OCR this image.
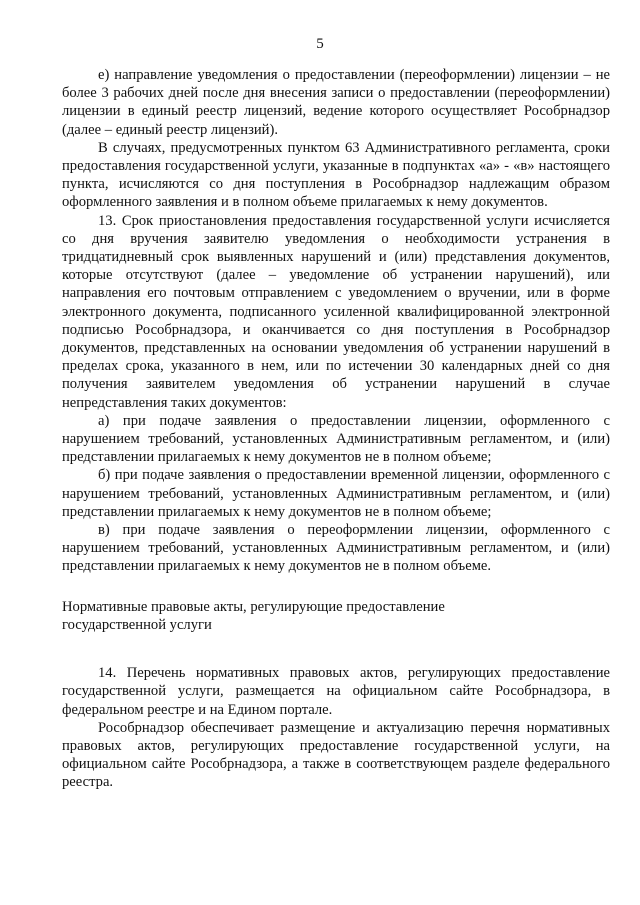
5

е) направление уведомления о предоставлении (переоформлении) лицензии – не более 3 рабочих дней после дня внесения записи о предоставлении (переоформлении) лицензии в единый реестр лицензий, ведение которого осуществляет Рособрнадзор (далее – единый реестр лицензий).

В случаях, предусмотренных пунктом 63 Административного регламента, сроки предоставления государственной услуги, указанные в подпунктах «а» - «в» настоящего пункта, исчисляются со дня поступления в Рособрнадзор надлежащим образом оформленного заявления и в полном объеме прилагаемых к нему документов.

13. Срок приостановления предоставления государственной услуги исчисляется со дня вручения заявителю уведомления о необходимости устранения в тридцатидневный срок выявленных нарушений и (или) представления документов, которые отсутствуют (далее – уведомление об устранении нарушений), или направления его почтовым отправлением с уведомлением о вручении, или в форме электронного документа, подписанного усиленной квалифицированной электронной подписью Рособрнадзора, и оканчивается со дня поступления в Рособрнадзор документов, представленных на основании уведомления об устранении нарушений в пределах срока, указанного в нем, или по истечении 30 календарных дней со дня получения заявителем уведомления об устранении нарушений в случае непредставления таких документов:

а) при подаче заявления о предоставлении лицензии, оформленного с нарушением требований, установленных Административным регламентом, и (или) представлении прилагаемых к нему документов не в полном объеме;

б) при подаче заявления о предоставлении временной лицензии, оформленного с нарушением требований, установленных Административным регламентом, и (или) представлении прилагаемых к нему документов не в полном объеме;

в) при подаче заявления о переоформлении лицензии, оформленного с нарушением требований, установленных Административным регламентом, и (или) представлении прилагаемых к нему документов не в полном объеме.

Нормативные правовые акты, регулирующие предоставление

государственной услуги

14. Перечень нормативных правовых актов, регулирующих предоставление государственной услуги, размещается на официальном сайте Рособрнадзора, в федеральном реестре и на Едином портале.

Рособрнадзор обеспечивает размещение и актуализацию перечня нормативных правовых актов, регулирующих предоставление государственной услуги, на официальном сайте Рособрнадзора, а также в соответствующем разделе федерального реестра.
